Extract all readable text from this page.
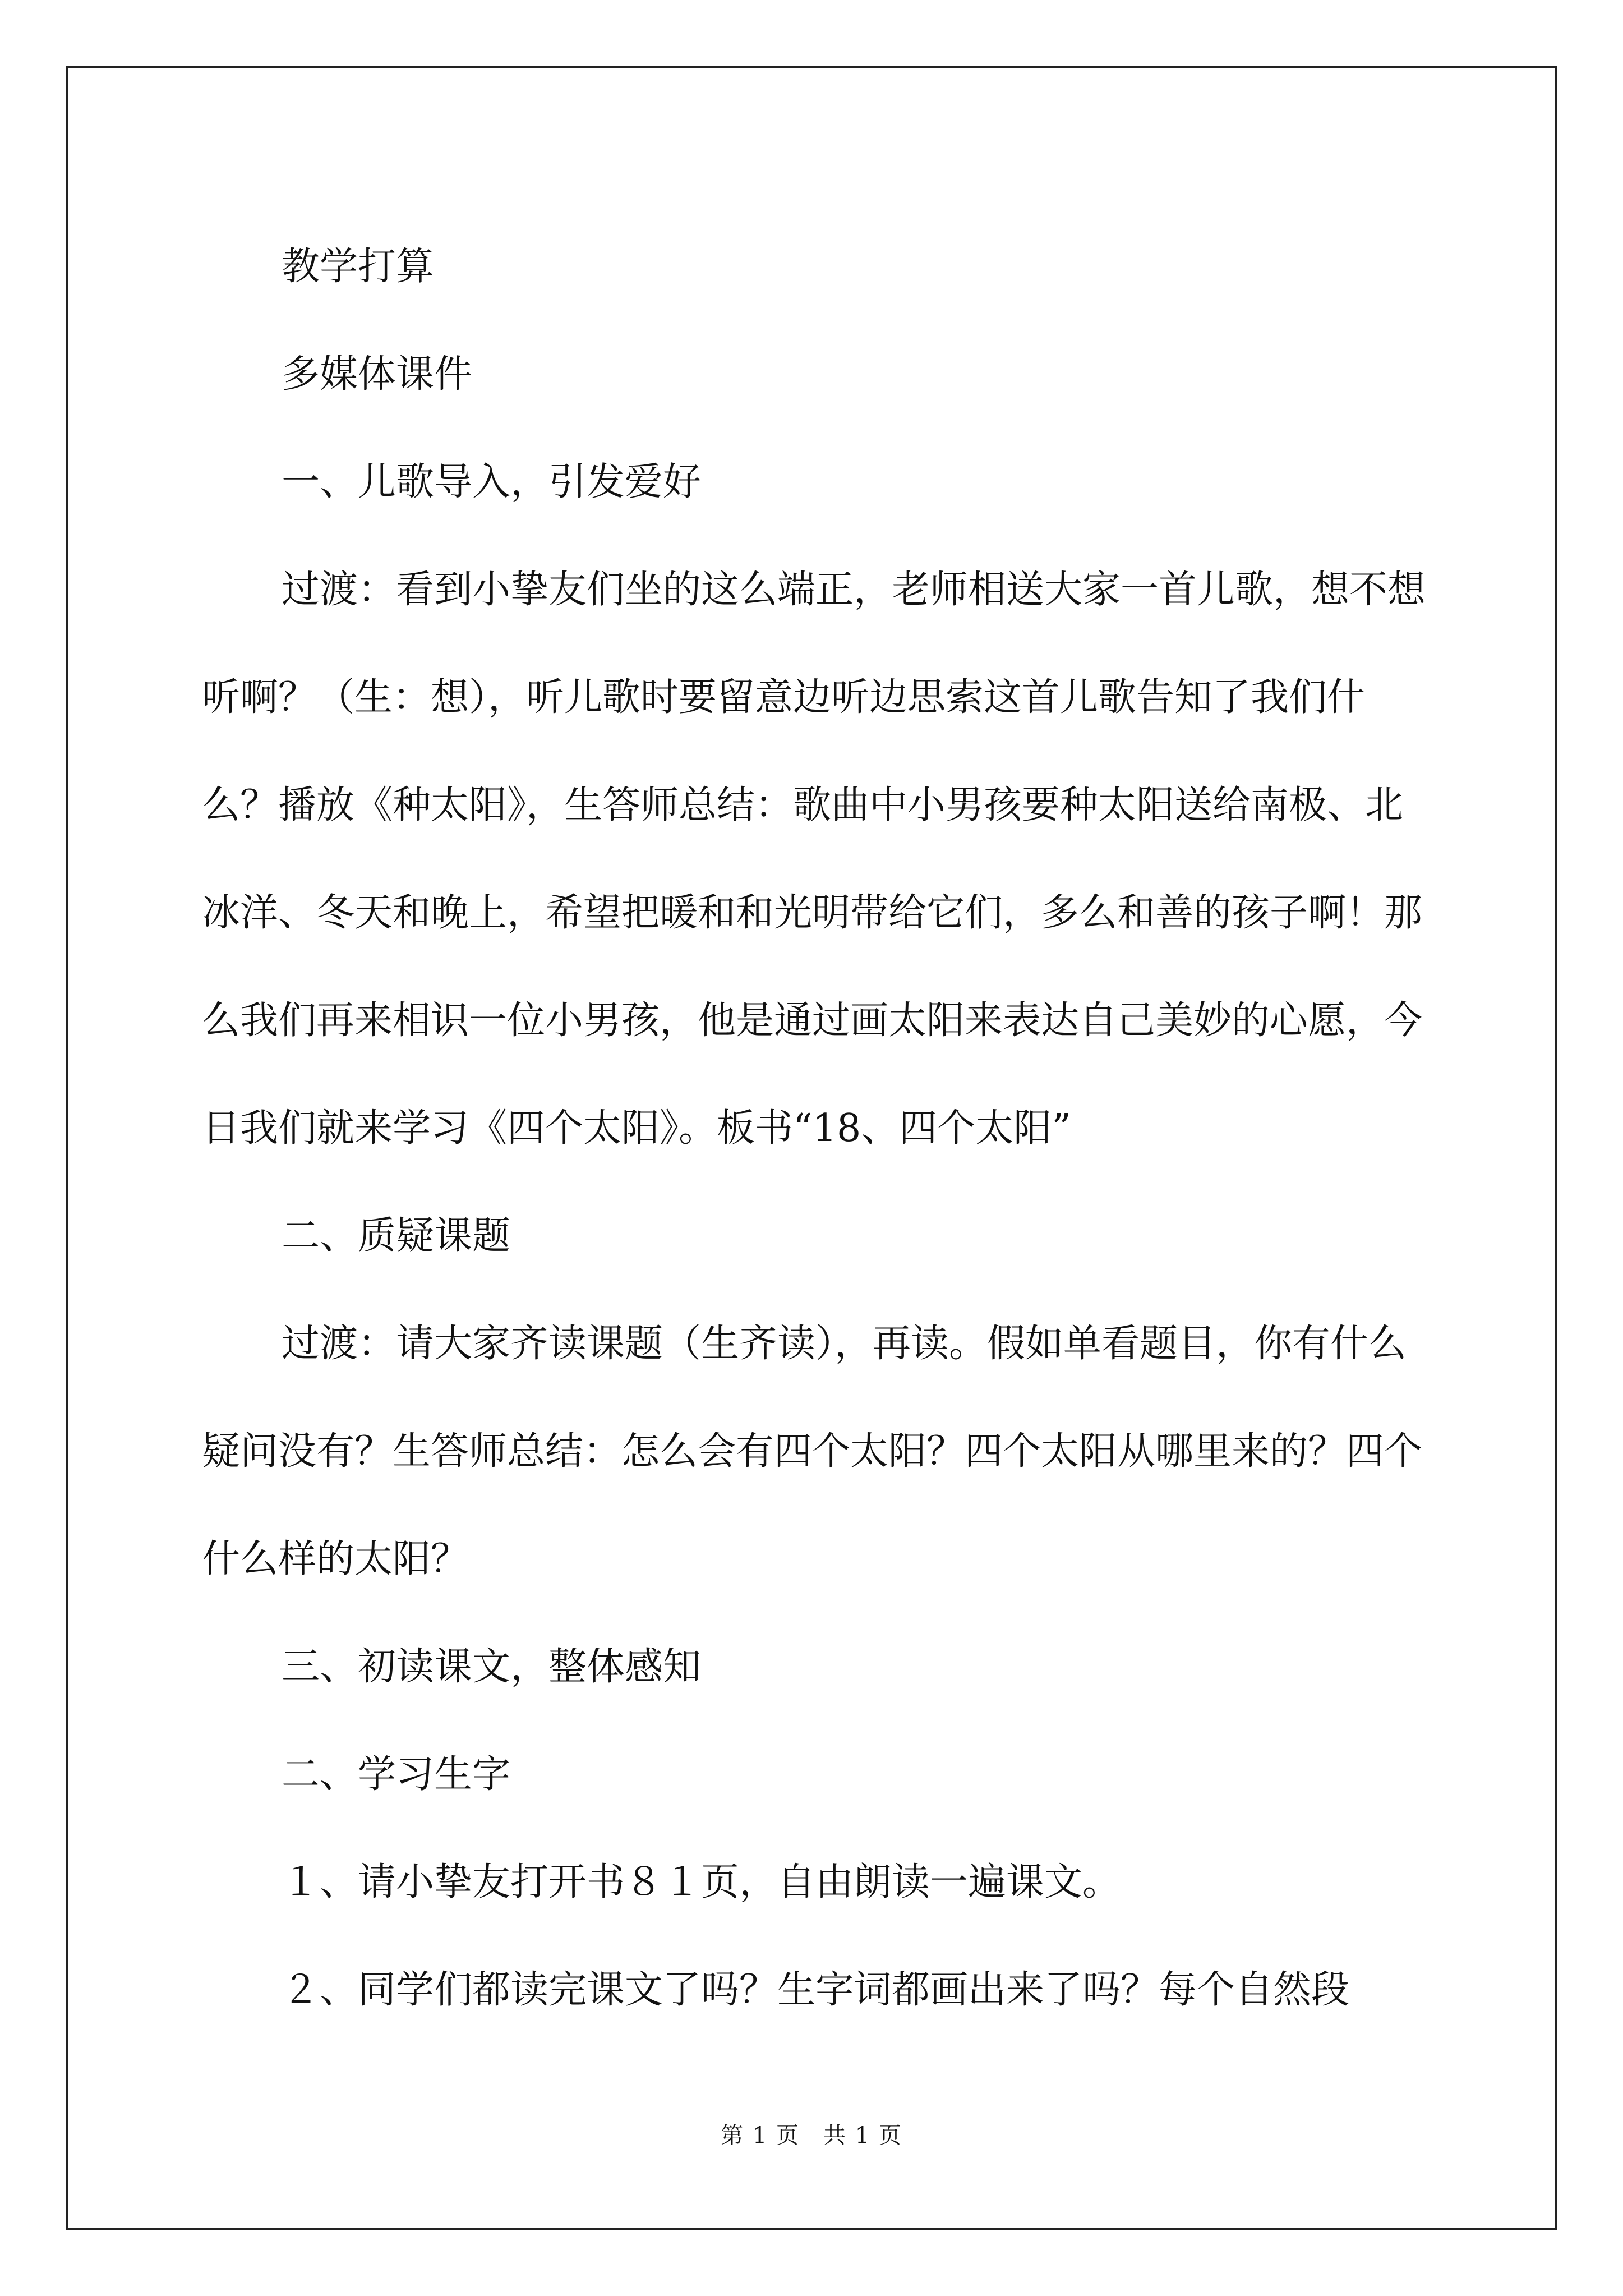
教学打算

多媒体课件

一、儿歌导入，引发爱好

过渡：看到小挚友们坐的这么端正，老师相送大家一首儿歌，想不想听啊？（生：想），听儿歌时要留意边听边思索这首儿歌告知了我们什么？播放《种太阳》，生答师总结：歌曲中小男孩要种太阳送给南极、北冰洋、冬天和晚上，希望把暖和和光明带给它们，多么和善的孩子啊！那么我们再来相识一位小男孩，他是通过画太阳来表达自己美妙的心愿，今日我们就来学习《四个太阳》。板书“18、四个太阳”

二、质疑课题

过渡：请大家齐读课题（生齐读），再读。假如单看题目，你有什么疑问没有？生答师总结：怎么会有四个太阳？四个太阳从哪里来的？四个什么样的太阳？

三、初读课文，整体感知

二、学习生字

１、请小挚友打开书８１页，自由朗读一遍课文。

２、同学们都读完课文了吗？生字词都画出来了吗？每个自然段

第 1 页　共 1 页
